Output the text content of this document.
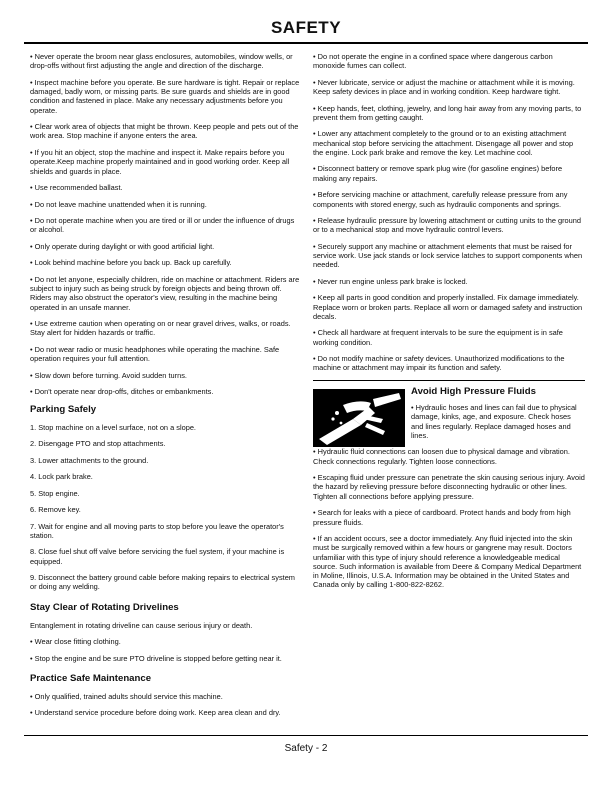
SAFETY

• Never operate the broom near glass enclosures, automobiles, window wells, or drop-offs without first adjusting the angle and direction of the discharge.

• Inspect machine before you operate. Be sure hardware is tight. Repair or replace damaged, badly worn, or missing parts. Be sure guards and shields are in good condition and fastened in place. Make any necessary adjustments before you operate.

• Clear work area of objects that might be thrown. Keep people and pets out of the work area. Stop machine if anyone enters the area.

• If you hit an object, stop the machine and inspect it. Make repairs before you operate.Keep machine properly maintained and in good working order. Keep all shields and guards in place.

• Use recommended ballast.

• Do not leave machine unattended when it is running.

• Do not operate machine when you are tired or ill or under the influence of drugs or alcohol.

• Only operate during daylight or with good artificial light.

• Look behind machine before you back up. Back up carefully.

• Do not let anyone, especially children, ride on machine or attachment. Riders are subject to injury such as being struck by foreign objects and being thrown off. Riders may also obstruct the operator's view, resulting in the machine being operated in an unsafe manner.

• Use extreme caution when operating on or near gravel drives, walks, or roads. Stay alert for hidden hazards or traffic.

• Do not wear radio or music headphones while operating the machine. Safe operation requires your full attention.

• Slow down before turning. Avoid sudden turns.

• Don't operate near drop-offs, ditches or embankments.

Parking Safely

1. Stop machine on a level surface, not on a slope.

2. Disengage PTO and stop attachments.

3. Lower attachments to the ground.

4. Lock park brake.

5. Stop engine.

6. Remove key.

7. Wait for engine and all moving parts to stop before you leave the operator's station.

8. Close fuel shut off valve before servicing the fuel system, if your machine is equipped.

9. Disconnect the battery ground cable before making repairs to electrical system or doing any welding.

Stay Clear of Rotating Drivelines

Entanglement in rotating driveline can cause serious injury or death.

• Wear close fitting clothing.

• Stop the engine and be sure PTO driveline is stopped before getting near it.

Practice Safe Maintenance

• Only qualified, trained adults should service this machine.

• Understand service procedure before doing work. Keep area clean and dry.

• Do not operate the engine in a confined space where dangerous carbon monoxide fumes can collect.

• Never lubricate, service or adjust the machine or attachment while it is moving. Keep safety devices in place and in working condition. Keep hardware tight.

• Keep hands, feet, clothing, jewelry, and long hair away from any moving parts, to prevent them from getting caught.

• Lower any attachment completely to the ground or to an existing attachment mechanical stop before servicing the attachment. Disengage all power and stop the engine. Lock park brake and remove the key. Let machine cool.

• Disconnect battery or remove spark plug wire (for gasoline engines) before making any repairs.

• Before servicing machine or attachment, carefully release pressure from any components with stored energy, such as hydraulic components and springs.

• Release hydraulic pressure by lowering attachment or cutting units to the ground or to a mechanical stop and move hydraulic control levers.

• Securely support any machine or attachment elements that must be raised for service work. Use jack stands or lock service latches to support components when needed.

• Never run engine unless park brake is locked.

• Keep all parts in good condition and properly installed. Fix damage immediately. Replace worn or broken parts. Replace all worn or damaged safety and instruction decals.

• Check all hardware at frequent intervals to be sure the equipment is in safe working condition.

• Do not modify machine or safety devices. Unauthorized modifications to the machine or attachment may impair its function and safety.

Avoid High Pressure Fluids

• Hydraulic hoses and lines can fail due to physical damage, kinks, age, and exposure. Check hoses and lines regularly. Replace damaged hoses and lines.

• Hydraulic fluid connections can loosen due to physical damage and vibration. Check connections regularly. Tighten loose connections.

• Escaping fluid under pressure can penetrate the skin causing serious injury. Avoid the hazard by relieving pressure before disconnecting hydraulic or other lines. Tighten all connections before applying pressure.

• Search for leaks with a piece of cardboard. Protect hands and body from high pressure fluids.

• If an accident occurs, see a doctor immediately. Any fluid injected into the skin must be surgically removed within a few hours or gangrene may result. Doctors unfamiliar with this type of injury should reference a knowledgeable medical source. Such information is available from Deere & Company Medical Department in Moline, Illinois, U.S.A. Information may be obtained in the United States and Canada only by calling 1-800-822-8262.

Safety - 2
